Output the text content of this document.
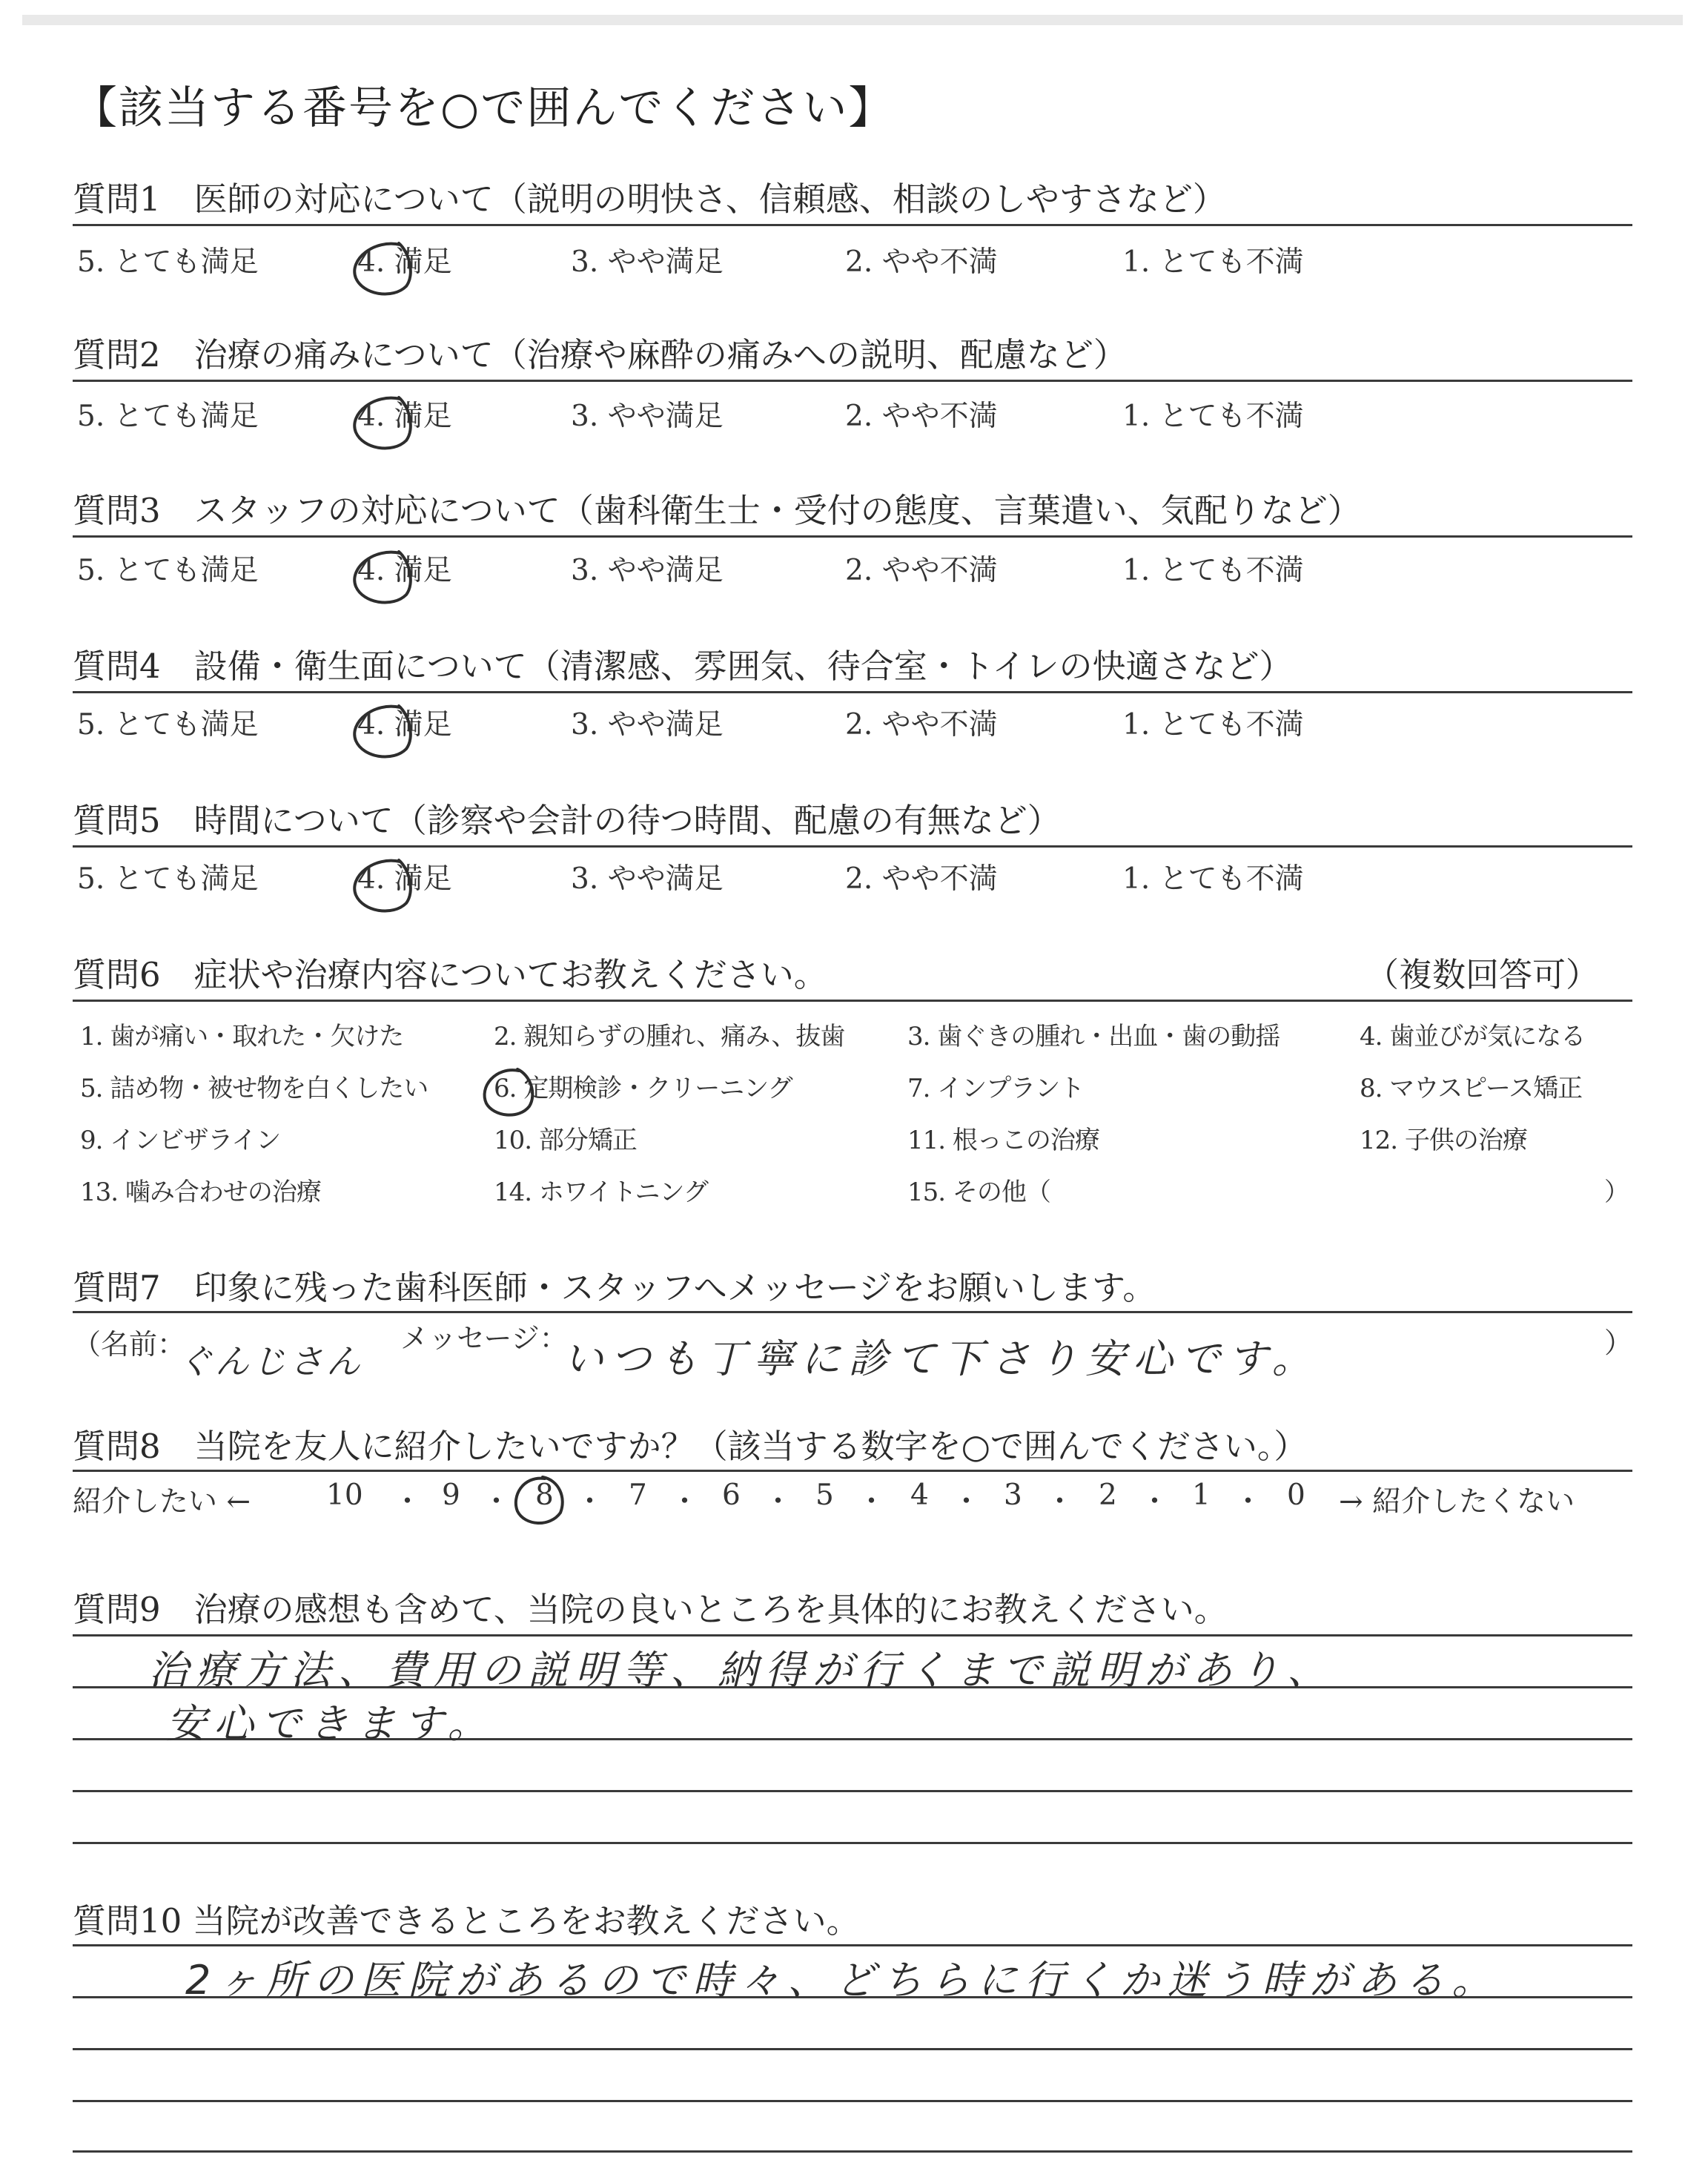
【該当する番号を○で囲んでください】
質問1　医師の対応について（説明の明快さ、信頼感、相談のしやすさなど）
5. とても満足	4. 満足	3. やや満足	2. やや不満	1. とても不満
質問2　治療の痛みについて（治療や麻酔の痛みへの説明、配慮など）
5. とても満足	4. 満足	3. やや満足	2. やや不満	1. とても不満
質問3　スタッフの対応について（歯科衛生士・受付の態度、言葉遣い、気配りなど）
5. とても満足	4. 満足	3. やや満足	2. やや不満	1. とても不満
質問4　設備・衛生面について（清潔感、雰囲気、待合室・トイレの快適さなど）
5. とても満足	4. 満足	3. やや満足	2. やや不満	1. とても不満
質問5　時間について（診察や会計の待つ時間、配慮の有無など）
5. とても満足	4. 満足	3. やや満足	2. やや不満	1. とても不満
質問6　症状や治療内容についてお教えください。	（複数回答可）
1. 歯が痛い・取れた・欠けた	2. 親知らずの腫れ、痛み、抜歯 3. 歯ぐきの腫れ・出血・歯の動揺	4. 歯並びが気になる
5. 詰め物・被せ物を白くしたい	6. 定期検診・クリーニング	7. インプラント	8. マウスピース矯正
9. インビザライン	10. 部分矯正	11. 根っこの治療	12. 子供の治療
13. 噛み合わせの治療	14. ホワイトニング	15. その他（	）
質問7　印象に残った歯科医師・スタッフへメッセージをお願いします。
（名前：
ぐんじさん
メッセージ：
いつも丁寧に診て下さり安心です。	）
質問8　当院を友人に紹介したいですか？（該当する数字を○で囲んでください。）
紹介したい ←	10 ・ 9 ・ 8 ・ 7 ・ 6 ・ 5 ・ 4 ・ 3 ・ 2 ・ 1 ・ 0 → 紹介したくない
質問9　治療の感想も含めて、当院の良いところを具体的にお教えください。
治療方法、費用の説明等、納得が行くまで説明があり、
安心できます。
質問10 当院が改善できるところをお教えください。
2ヶ所の医院があるので時々、どちらに行くか迷う時がある。
